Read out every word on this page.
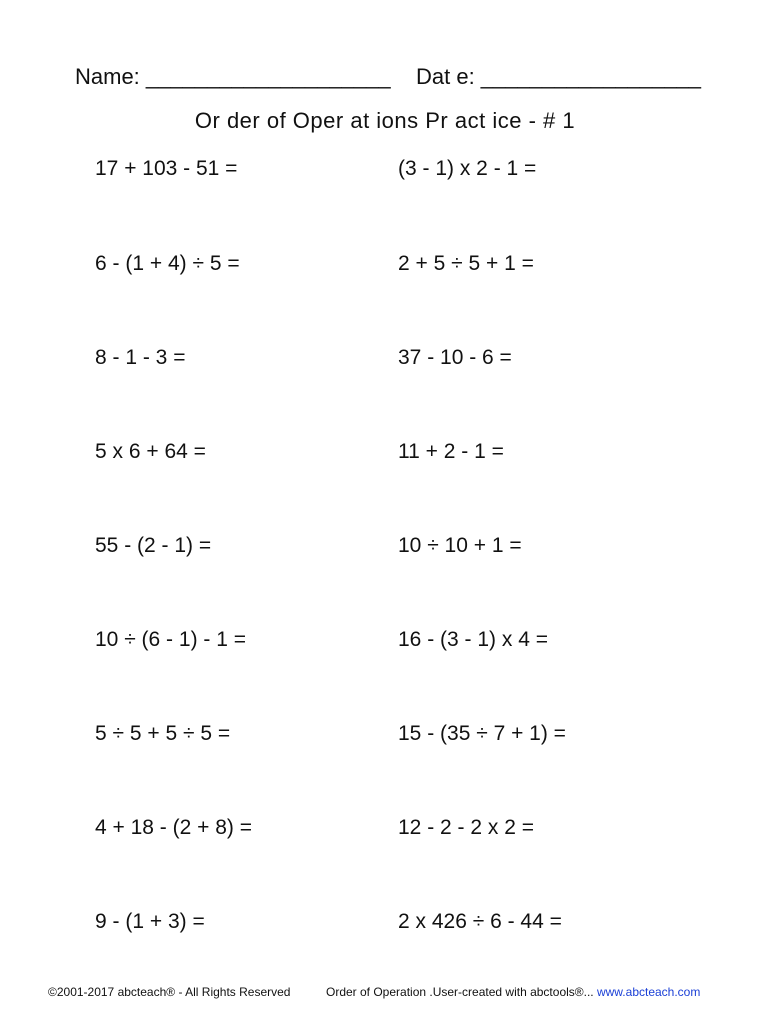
Name: ____________________ Dat e: __________________
Or der of Oper at ions Pr act ice - # 1
17 + 103 - 51 =
6 - (1 + 4) ÷ 5 =
8 - 1 - 3 =
5 x 6 + 64 =
55 - (2 - 1) =
10 ÷ (6 - 1) - 1 =
5 ÷ 5 + 5 ÷ 5 =
4 + 18 - (2 + 8) =
9 - (1 + 3) =
(3 - 1) x 2 - 1 =
2 + 5 ÷ 5 + 1 =
37 - 10 - 6 =
11 + 2 - 1 =
10 ÷ 10 + 1 =
16 - (3 - 1) x 4 =
15 - (35 ÷ 7 + 1) =
12 - 2 - 2 x 2 =
2 x 426 ÷ 6 - 44 =
©2001-2017 abcteach® - All Rights Reserved	Order of Operation .User-created with abctools®... www.abcteach.com
